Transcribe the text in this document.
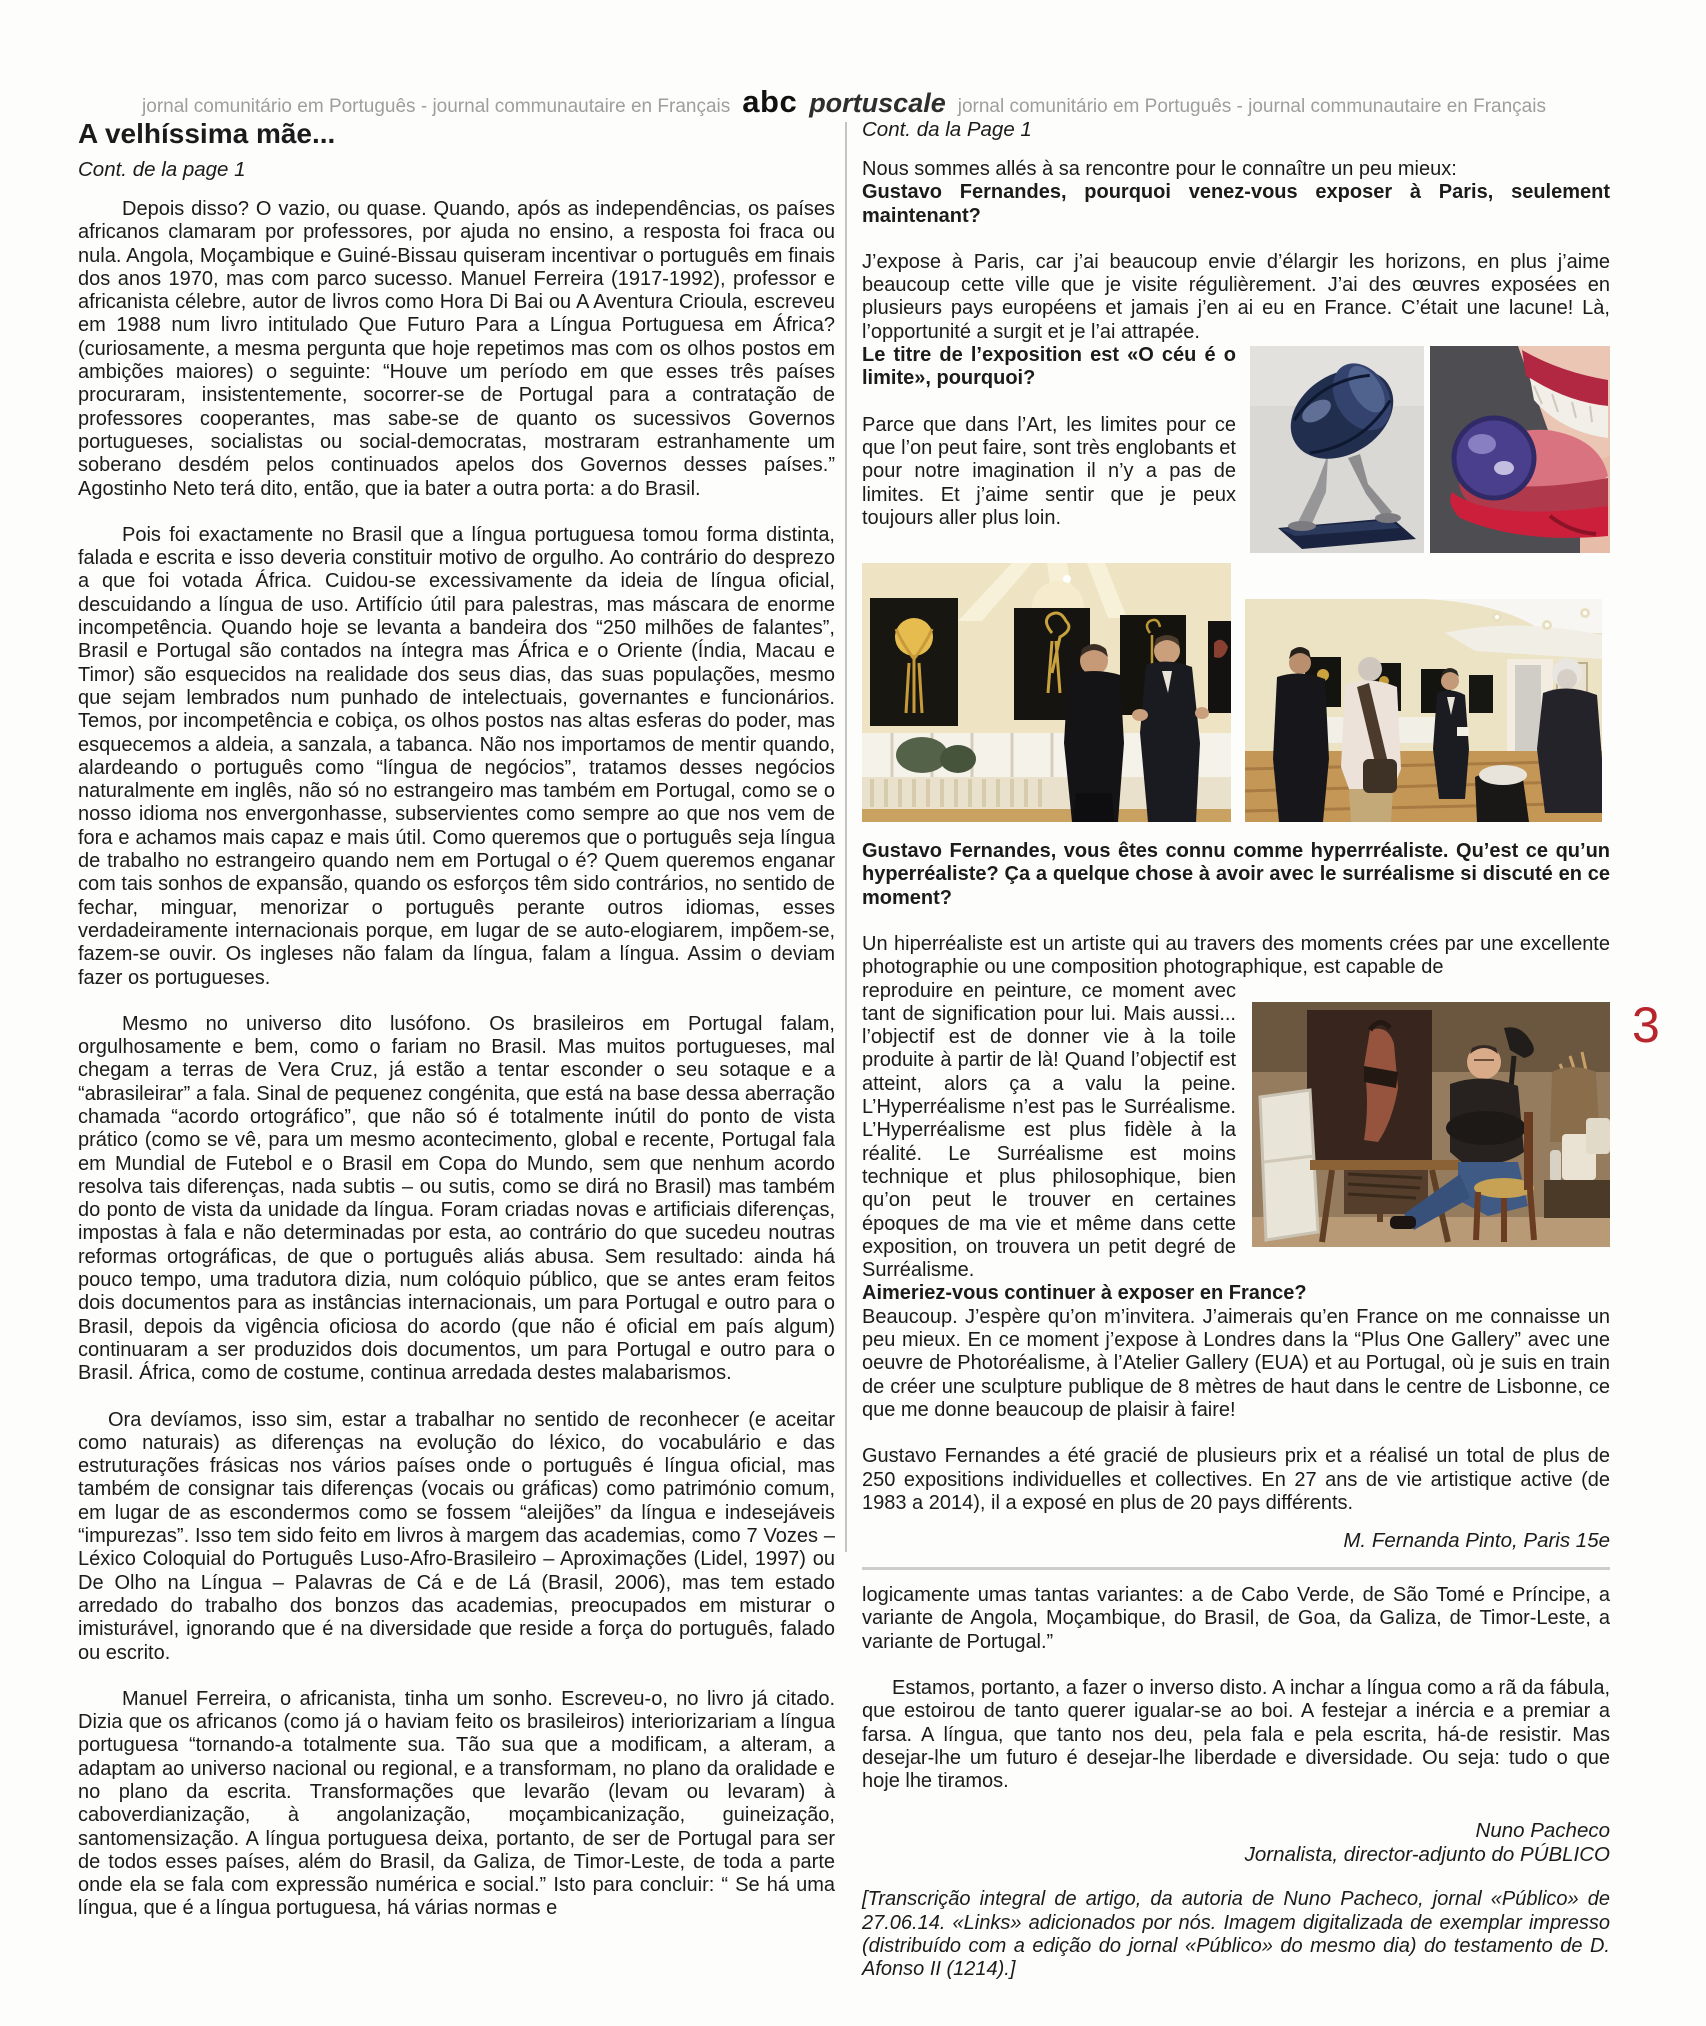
jornal comunitário em Português - journal communautaire en Français abc portuscale jornal comunitário em Português - journal communautaire en Français
3
A velhíssima mãe...

Cont. de la page 1

Depois disso? O vazio, ou quase. Quando, após as independências, os países africanos clamaram por professores, por ajuda no ensino, a resposta foi fraca ou nula. Angola, Moçambique e Guiné-Bissau quiseram incentivar o português em finais dos anos 1970, mas com parco sucesso. Manuel Ferreira (1917-1992), professor e africanista célebre, autor de livros como Hora Di Bai ou A Aventura Crioula, escreveu em 1988 num livro intitulado Que Futuro Para a Língua Portuguesa em África? (curiosamente, a mesma pergunta que hoje repetimos mas com os olhos postos em ambições maiores) o seguinte: “Houve um período em que esses três países procuraram, insistentemente, socorrer-se de Portugal para a contratação de professores cooperantes, mas sabe-se de quanto os sucessivos Governos portugueses, socialistas ou social-democratas, mostraram estranhamente um soberano desdém pelos continuados apelos dos Governos desses países.” Agostinho Neto terá dito, então, que ia bater a outra porta: a do Brasil.

Pois foi exactamente no Brasil que a língua portuguesa tomou forma distinta, falada e escrita e isso deveria constituir motivo de orgulho. Ao contrário do desprezo a que foi votada África. Cuidou-se excessivamente da ideia de língua oficial, descuidando a língua de uso. Artifício útil para palestras, mas máscara de enorme incompetência. Quando hoje se levanta a bandeira dos “250 milhões de falantes”, Brasil e Portugal são contados na íntegra mas África e o Oriente (Índia, Macau e Timor) são esquecidos na realidade dos seus dias, das suas populações, mesmo que sejam lembrados num punhado de intelectuais, governantes e funcionários. Temos, por incompetência e cobiça, os olhos postos nas altas esferas do poder, mas esquecemos a aldeia, a sanzala, a tabanca. Não nos importamos de mentir quando, alardeando o português como “língua de negócios”, tratamos desses negócios naturalmente em inglês, não só no estrangeiro mas também em Portugal, como se o nosso idioma nos envergonhasse, subservientes como sempre ao que nos vem de fora e achamos mais capaz e mais útil. Como queremos que o português seja língua de trabalho no estrangeiro quando nem em Portugal o é? Quem queremos enganar com tais sonhos de expansão, quando os esforços têm sido contrários, no sentido de fechar, minguar, menorizar o português perante outros idiomas, esses verdadeiramente internacionais porque, em lugar de se auto-elogiarem, impõem-se, fazem-se ouvir. Os ingleses não falam da língua, falam a língua. Assim o deviam fazer os portugueses.

Mesmo no universo dito lusófono. Os brasileiros em Portugal falam, orgulhosamente e bem, como o fariam no Brasil. Mas muitos portugueses, mal chegam a terras de Vera Cruz, já estão a tentar esconder o seu sotaque e a “abrasileirar” a fala. Sinal de pequenez congénita, que está na base dessa aberração chamada “acordo ortográfico”, que não só é totalmente inútil do ponto de vista prático (como se vê, para um mesmo acontecimento, global e recente, Portugal fala em Mundial de Futebol e o Brasil em Copa do Mundo, sem que nenhum acordo resolva tais diferenças, nada subtis – ou sutis, como se dirá no Brasil) mas também do ponto de vista da unidade da língua. Foram criadas novas e artificiais diferenças, impostas à fala e não determinadas por esta, ao contrário do que sucedeu noutras reformas ortográficas, de que o português aliás abusa. Sem resultado: ainda há pouco tempo, uma tradutora dizia, num colóquio público, que se antes eram feitos dois documentos para as instâncias internacionais, um para Portugal e outro para o Brasil, depois da vigência oficiosa do acordo (que não é oficial em país algum) continuaram a ser produzidos dois documentos, um para Portugal e outro para o Brasil. África, como de costume, continua arredada destes malabarismos.

Ora devíamos, isso sim, estar a trabalhar no sentido de reconhecer (e aceitar como naturais) as diferenças na evolução do léxico, do vocabulário e das estruturações frásicas nos vários países onde o português é língua oficial, mas também de consignar tais diferenças (vocais ou gráficas) como património comum, em lugar de as escondermos como se fossem “aleijões” da língua e indesejáveis “impurezas”. Isso tem sido feito em livros à margem das academias, como 7 Vozes – Léxico Coloquial do Português Luso-Afro-Brasileiro – Aproximações (Lidel, 1997) ou De Olho na Língua – Palavras de Cá e de Lá (Brasil, 2006), mas tem estado arredado do trabalho dos bonzos das academias, preocupados em misturar o imisturável, ignorando que é na diversidade que reside a força do português, falado ou escrito.

Manuel Ferreira, o africanista, tinha um sonho. Escreveu-o, no livro já citado. Dizia que os africanos (como já o haviam feito os brasileiros) interiorizariam a língua portuguesa “tornando-a totalmente sua. Tão sua que a modificam, a alteram, a adaptam ao universo nacional ou regional, e a transformam, no plano da oralidade e no plano da escrita. Transformações que levarão (levam ou levaram) à caboverdianização, à angolanização, moçambicanização, guineização, santomensização. A língua portuguesa deixa, portanto, de ser de Portugal para ser de todos esses países, além do Brasil, da Galiza, de Timor-Leste, de toda a parte onde ela se fala com expressão numérica e social.” Isto para concluir: “ Se há uma língua, que é a língua portuguesa, há várias normas e

Cont. da la Page 1

Nous sommes allés à sa rencontre pour le connaître un peu mieux:

Gustavo Fernandes, pourquoi venez-vous exposer à Paris, seulement maintenant?

J’expose à Paris, car j’ai beaucoup envie d’élargir les horizons, en plus j’aime beaucoup cette ville que je visite régulièrement. J’ai des œuvres exposées en plusieurs pays européens et jamais j’en ai eu en France. C’était une lacune! Là, l’opportunité a surgit et je l’ai attrapée.

Le titre de l’exposition est «O céu é o limite», pourquoi?

Parce que dans l’Art, les limites pour ce que l’on peut faire, sont très englobants et pour notre imagination il n’y a pas de limites. Et j’aime sentir que je peux toujours aller plus loin.

Gustavo Fernandes, vous êtes connu comme hyperrréaliste. Qu’est ce qu’un hyperréaliste? Ça a quelque chose à avoir avec le surréalisme si discuté en ce moment?

Un hiperréaliste est un artiste qui au travers des moments crées par une excellente photographie ou une composition photographique, est capable de

reproduire en peinture, ce moment avec tant de signification pour lui. Mais aussi... l’objectif est de donner vie à la toile produite à partir de là! Quand l’objectif est atteint, alors ça a valu la peine. L’Hyperréalisme n’est pas le Surréalisme. L’Hyperréalisme est plus fidèle à la réalité. Le Surréalisme est moins technique et plus philosophique, bien qu’on peut le trouver en certaines époques de ma vie et même dans cette exposition, on trouvera un petit degré de Surréalisme.

Aimeriez-vous continuer à exposer en France?

Beaucoup. J’espère qu’on m’invitera. J’aimerais qu’en France on me connaisse un peu mieux. En ce moment j’expose à Londres dans la “Plus One Gallery” avec une oeuvre de Photoréalisme, à l’Atelier Gallery (EUA) et au Portugal, où je suis en train de créer une sculpture publique de 8 mètres de haut dans le centre de Lisbonne, ce que me donne beaucoup de plaisir à faire!

Gustavo Fernandes a été gracié de plusieurs prix et a réalisé un total de plus de 250 expositions individuelles et collectives. En 27 ans de vie artistique active (de 1983 a 2014), il a exposé en plus de 20 pays différents.

M. Fernanda Pinto, Paris 15e

logicamente umas tantas variantes: a de Cabo Verde, de São Tomé e Príncipe, a variante de Angola, Moçambique, do Brasil, de Goa, da Galiza, de Timor-Leste, a variante de Portugal.”

Estamos, portanto, a fazer o inverso disto. A inchar a língua como a rã da fábula, que estoirou de tanto querer igualar-se ao boi. A festejar a inércia e a premiar a farsa. A língua, que tanto nos deu, pela fala e pela escrita, há-de resistir. Mas desejar-lhe um futuro é desejar-lhe liberdade e diversidade. Ou seja: tudo o que hoje lhe tiramos.

Nuno Pacheco

Jornalista, director-adjunto do PÚBLICO

[Transcrição integral de artigo, da autoria de Nuno Pacheco, jornal «Público» de 27.06.14. «Links» adicionados por nós. Imagem digitalizada de exemplar impresso (distribuído com a edição do jornal «Público» do mesmo dia) do testamento de D. Afonso II (1214).]
